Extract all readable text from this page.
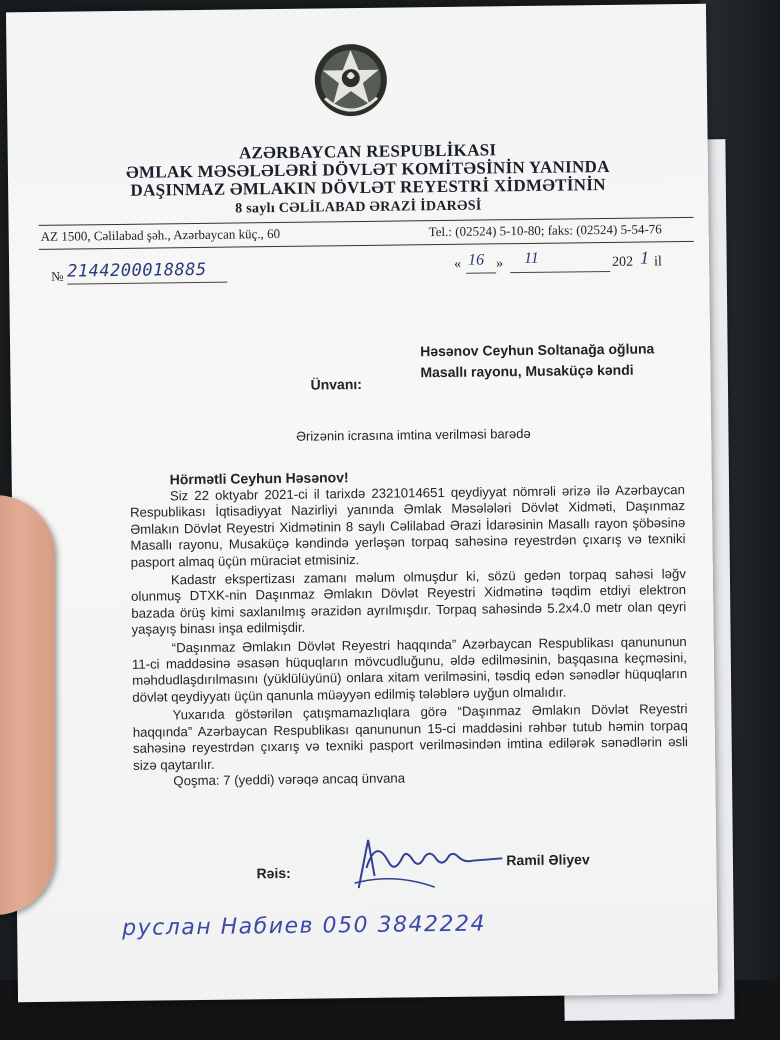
AZƏRBAYCAN RESPUBLİKASI
ƏMLAK MƏSƏLƏLƏRİ DÖVLƏT KOMİTƏSİNİN YANINDA
DAŞINMAZ ƏMLAKIN DÖVLƏT REYESTRİ XİDMƏTİNİN
8 saylı CƏLİLABAD ƏRAZİ İDARƏSİ
AZ 1500, Cəlilabad şəh., Azərbaycan küç., 60	Tel.: (02524) 5-10-80; faks: (02524) 5-54-76
№ 2144200018885	« 16 » 11	202 1 il
Həsənov Ceyhun Soltanağa oğluna
Masallı rayonu, Musaküçə kəndi
Ünvanı:
Ərizənin icrasına imtina verilməsi barədə
Hörmətli Ceyhun Həsənov!

Siz 22 oktyabr 2021-ci il tarixdə 2321014651 qeydiyyat nömrəli ərizə ilə Azərbaycan Respublikası İqtisadiyyat Nazirliyi yanında Əmlak Məsələləri Dövlət Xidməti, Daşınmaz Əmlakın Dövlət Reyestri Xidmətinin 8 saylı Cəlilabad Ərazi İdarəsinin Masallı rayon şöbəsinə Masallı rayonu, Musaküçə kəndində yerləşən torpaq sahəsinə reyestrdən çıxarış və texniki pasport almaq üçün müraciət etmisiniz.

Kadastr ekspertizası zamanı məlum olmuşdur ki, sözü gedən torpaq sahəsi ləğv olunmuş DTXK-nin Daşınmaz Əmlakın Dövlət Reyestri Xidmətinə təqdim etdiyi elektron bazada örüş kimi saxlanılmış ərazidən ayrılmışdır. Torpaq sahəsində 5.2x4.0 metr olan qeyri yaşayış binası inşa edilmişdir.

“Daşınmaz Əmlakın Dövlət Reyestri haqqında” Azərbaycan Respublikası qanununun 11-ci maddəsinə əsasən hüquqların mövcudluğunu, əldə edilməsinin, başqasına keçməsini, məhdudlaşdırılmasını (yüklülüyünü) onlara xitam verilməsini, təsdiq edən sənədlər hüquqların dövlət qeydiyyatı üçün qanunla müəyyən edilmiş tələblərə uyğun olmalıdır.

Yuxarıda göstərilən çatışmamazlıqlara görə “Daşınmaz Əmlakın Dövlət Reyestri haqqında” Azərbaycan Respublikası qanununun 15-ci maddəsini rəhbər tutub həmin torpaq sahəsinə reyestrdən çıxarış və texniki pasport verilməsindən imtina edilərək sənədlərin əsli sizə qaytarılır.

Qoşma: 7 (yeddi) vərəqə ancaq ünvana

Rəis:
Ramil Əliyev
руслан Набиев 050 3842224
